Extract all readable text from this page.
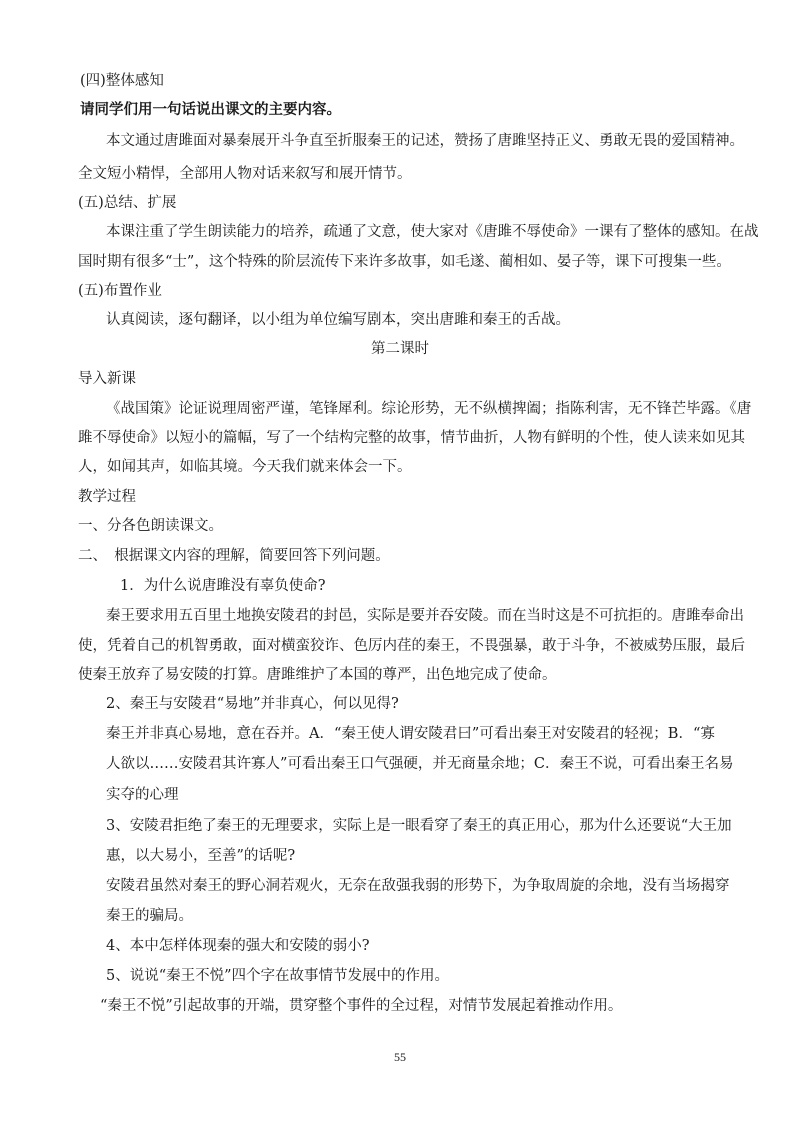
(四)整体感知
请同学们用一句话说出课文的主要内容。
本文通过唐雎面对暴秦展开斗争直至折服秦王的记述，赞扬了唐雎坚持正义、勇敢无畏的爱国精神。
全文短小精悍，全部用人物对话来叙写和展开情节。
(五)总结、扩展
本课注重了学生朗读能力的培养，疏通了文意，使大家对《唐雎不辱使命》一课有了整体的感知。在战
国时期有很多“士”，这个特殊的阶层流传下来许多故事，如毛遂、蔺相如、晏子等，课下可搜集一些。
(五)布置作业
认真阅读，逐句翻译，以小组为单位编写剧本，突出唐雎和秦王的舌战。
第二课时
导入新课
《战国策》论证说理周密严谨，笔锋犀利。综论形势，无不纵横捭阖；指陈利害，无不锋芒毕露。《唐
雎不辱使命》以短小的篇幅，写了一个结构完整的故事，情节曲折，人物有鲜明的个性，使人读来如见其
人，如闻其声，如临其境。今天我们就来体会一下。
教学过程
一、分各色朗读课文。
二、　根据课文内容的理解，简要回答下列问题。
1．为什么说唐雎没有辜负使命?
秦王要求用五百里土地换安陵君的封邑，实际是要并吞安陵。而在当时这是不可抗拒的。唐雎奉命出
使，凭着自己的机智勇敢，面对横蛮狡诈、色厉内荏的秦王，不畏强暴，敢于斗争，不被威势压服，最后
使秦王放弃了易安陵的打算。唐雎维护了本国的尊严，出色地完成了使命。
2、秦王与安陵君“易地”并非真心，何以见得?
秦王并非真心易地，意在吞并。A．“秦王使人谓安陵君曰”可看出秦王对安陵君的轻视；B．“寡
人欲以……安陵君其许寡人”可看出秦王口气强硬，并无商量余地；C．秦王不说，可看出秦王名易
实夺的心理
3、安陵君拒绝了秦王的无理要求，实际上是一眼看穿了秦王的真正用心，那为什么还要说“大王加
惠，以大易小，至善”的话呢?
安陵君虽然对秦王的野心洞若观火，无奈在敌强我弱的形势下，为争取周旋的余地，没有当场揭穿
秦王的骗局。
4、本中怎样体现秦的强大和安陵的弱小?
5、说说“秦王不悦”四个字在故事情节发展中的作用。
“秦王不悦”引起故事的开端，贯穿整个事件的全过程，对情节发展起着推动作用。
55
